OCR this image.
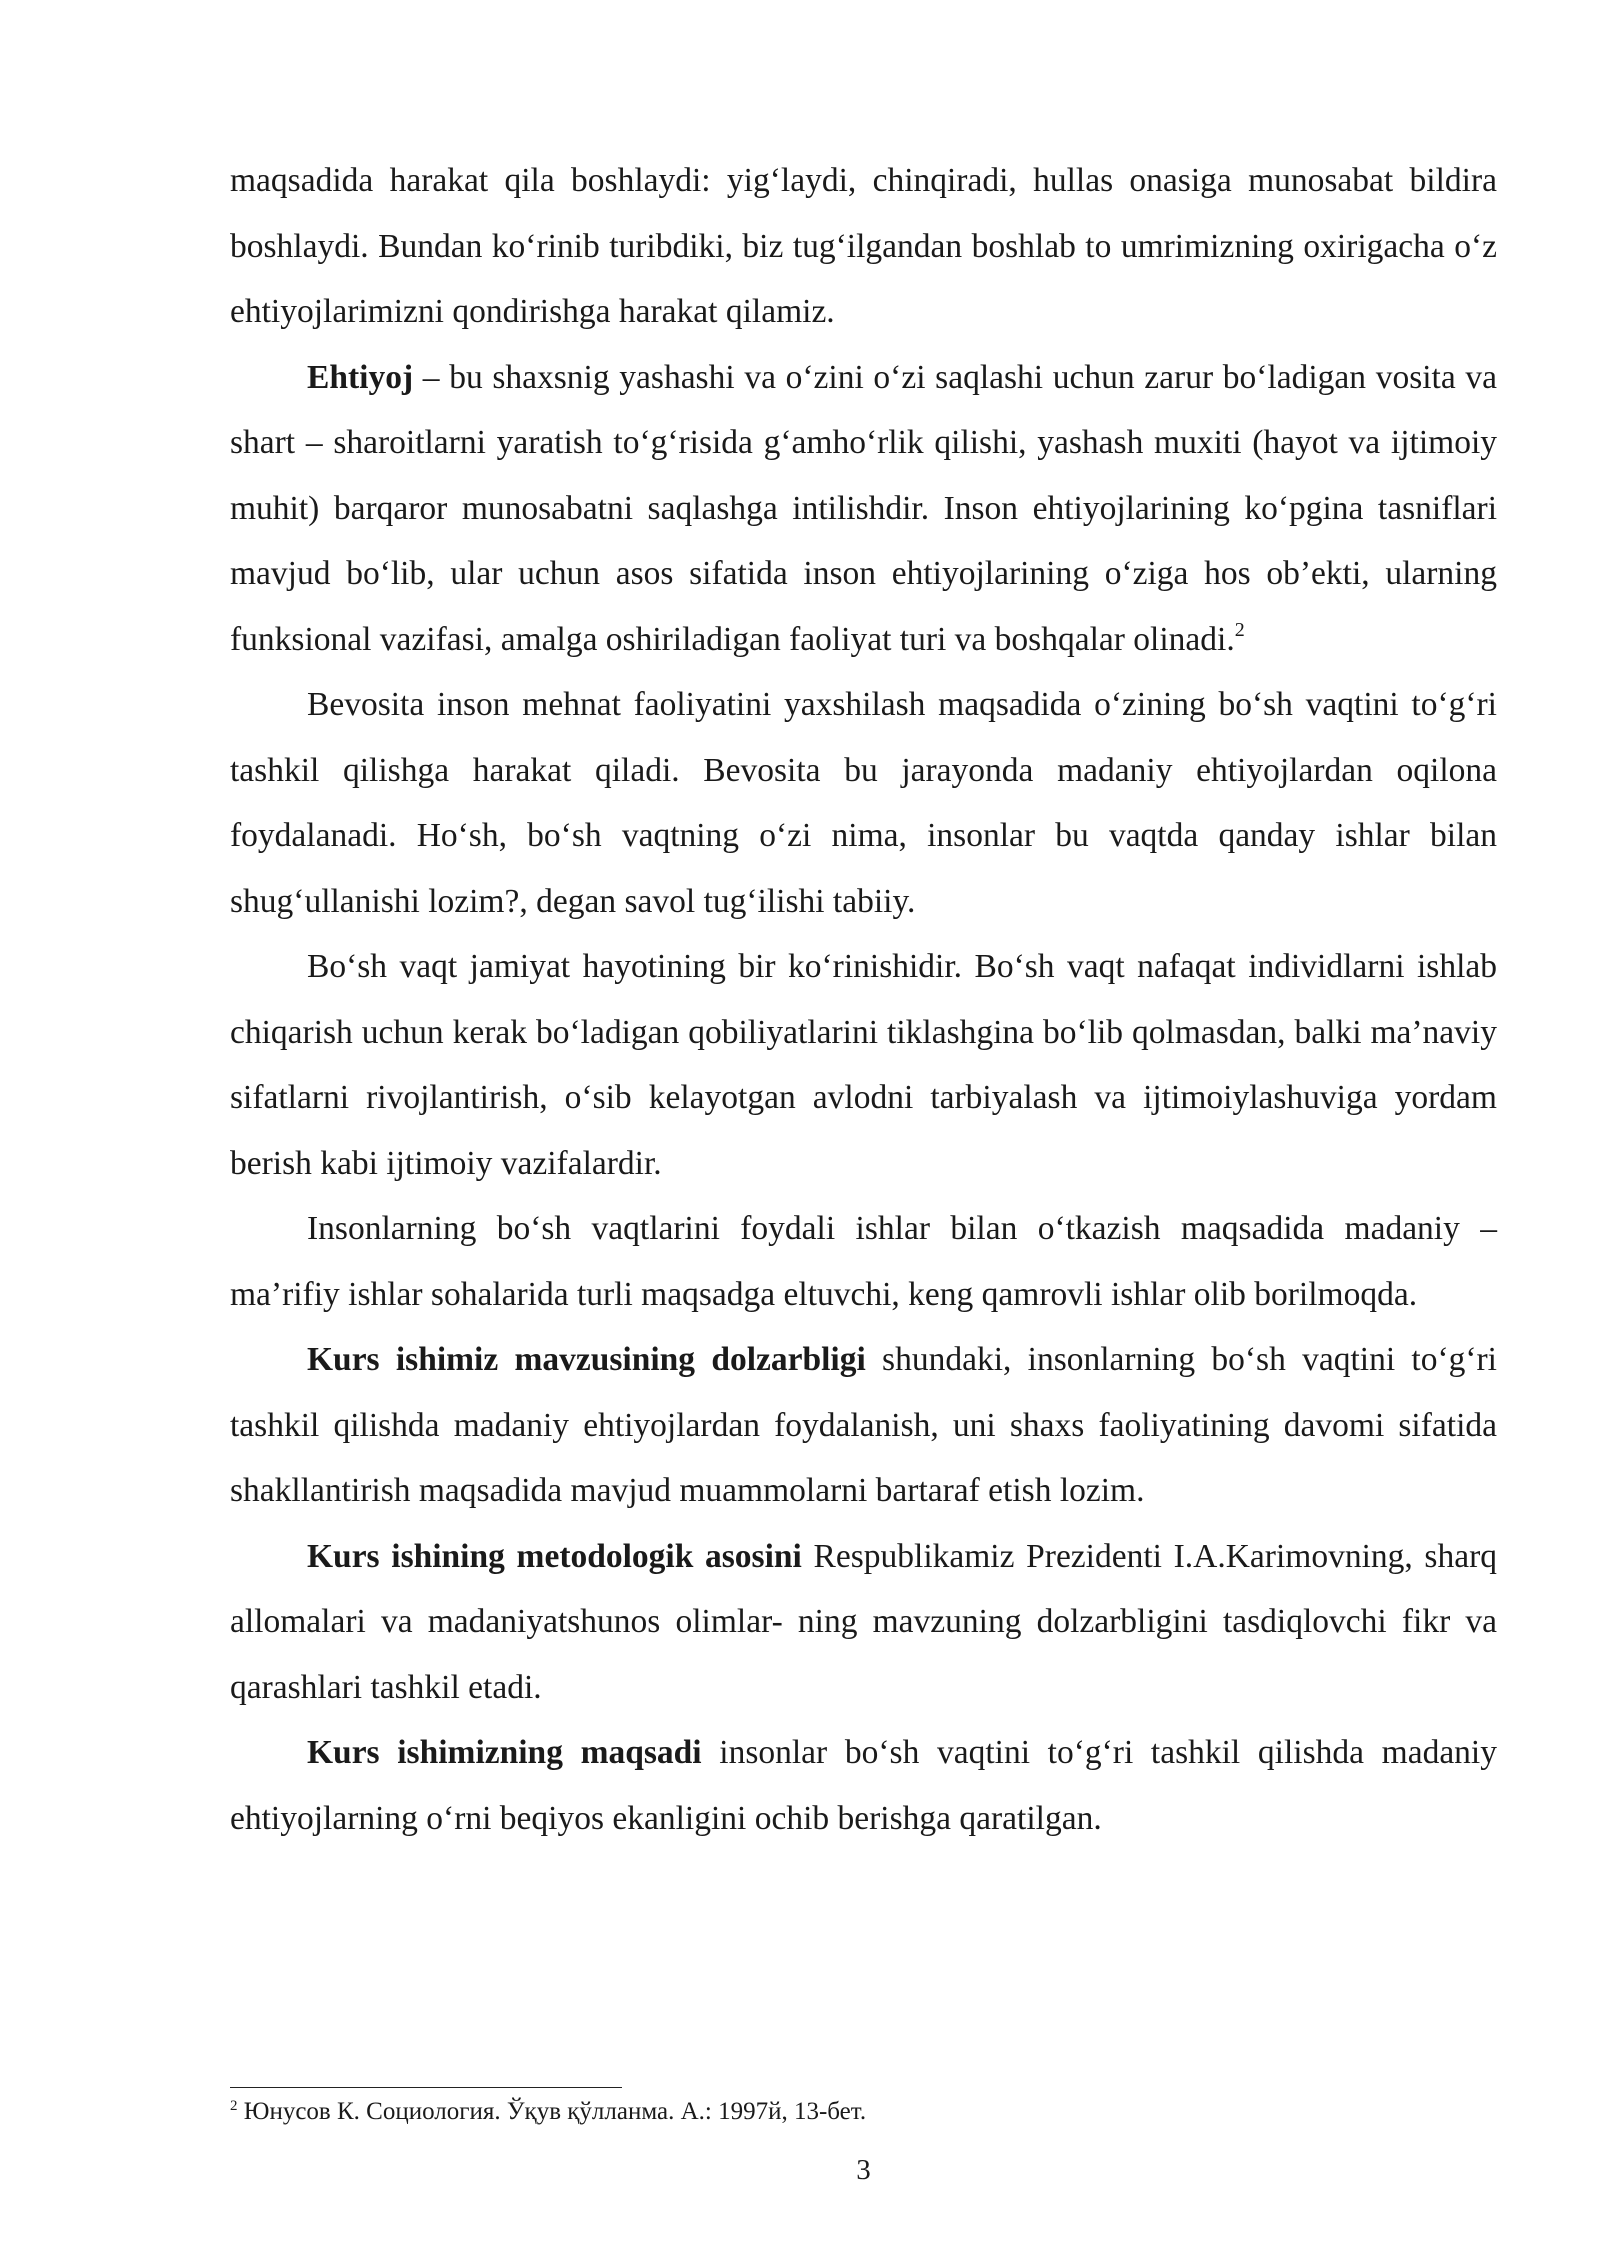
maqsadida harakat qila boshlaydi: yig‘laydi, chinqiradi, hullas onasiga munosabat bildira boshlaydi. Bundan ko‘rinib turibdiki, biz tug‘ilgandan boshlab to umrimizning oxirigacha o‘z ehtiyojlarimizni qondirishga harakat qilamiz.

Ehtiyoj – bu shaxsnig yashashi va o‘zini o‘zi saqlashi uchun zarur bo‘ladigan vosita va shart – sharoitlarni yaratish to‘g‘risida g‘amho‘rlik qilishi, yashash muxiti (hayot va ijtimoiy muhit) barqaror munosabatni saqlashga intilishdir. Inson ehtiyojlarining ko‘pgina tasniflari mavjud bo‘lib, ular uchun asos sifatida inson ehtiyojlarining o‘ziga hos ob’ekti, ularning funksional vazifasi, amalga oshiriladigan faoliyat turi va boshqalar olinadi.$^2$

Bevosita inson mehnat faoliyatini yaxshilash maqsadida o‘zining bo‘sh vaqtini to‘g‘ri tashkil qilishga harakat qiladi. Bevosita bu jarayonda madaniy ehtiyojlardan oqilona foydalanadi. Ho‘sh, bo‘sh vaqtning o‘zi nima, insonlar bu vaqtda qanday ishlar bilan shug‘ullanishi lozim?, degan savol tug‘ilishi tabiiy.

Bo‘sh vaqt jamiyat hayotining bir ko‘rinishidir. Bo‘sh vaqt nafaqat individlarni ishlab chiqarish uchun kerak bo‘ladigan qobiliyatlarini tiklashgina bo‘lib qolmasdan, balki ma’naviy sifatlarni rivojlantirish, o‘sib kelayotgan avlodni tarbiyalash va ijtimoiylashuviga yordam berish kabi ijtimoiy vazifalardir.

Insonlarning bo‘sh vaqtlarini foydali ishlar bilan o‘tkazish maqsadida madaniy – ma’rifiy ishlar sohalarida turli maqsadga eltuvchi, keng qamrovli ishlar olib borilmoqda.

Kurs ishimiz mavzusining dolzarbligi shundaki, insonlarning bo‘sh vaqtini to‘g‘ri tashkil qilishda madaniy ehtiyojlardan foydalanish, uni shaxs faoliyatining davomi sifatida shakllantirish maqsadida mavjud muammolarni bartaraf etish lozim.

Kurs ishining metodologik asosini Respublikamiz Prezidenti I.A.Karimovning, sharq allomalari va madaniyatshunos olimlar- ning mavzuning dolzarbligini tasdiqlovchi fikr va qarashlari tashkil etadi.

Kurs ishimizning maqsadi insonlar bo‘sh vaqtini to‘g‘ri tashkil qilishda madaniy ehtiyojlarning o‘rni beqiyos ekanligini ochib berishga qaratilgan.

$^2$ Юнусов К. Социология. Ўқув қўлланма. А.: 1997й, 13-бет.
3
